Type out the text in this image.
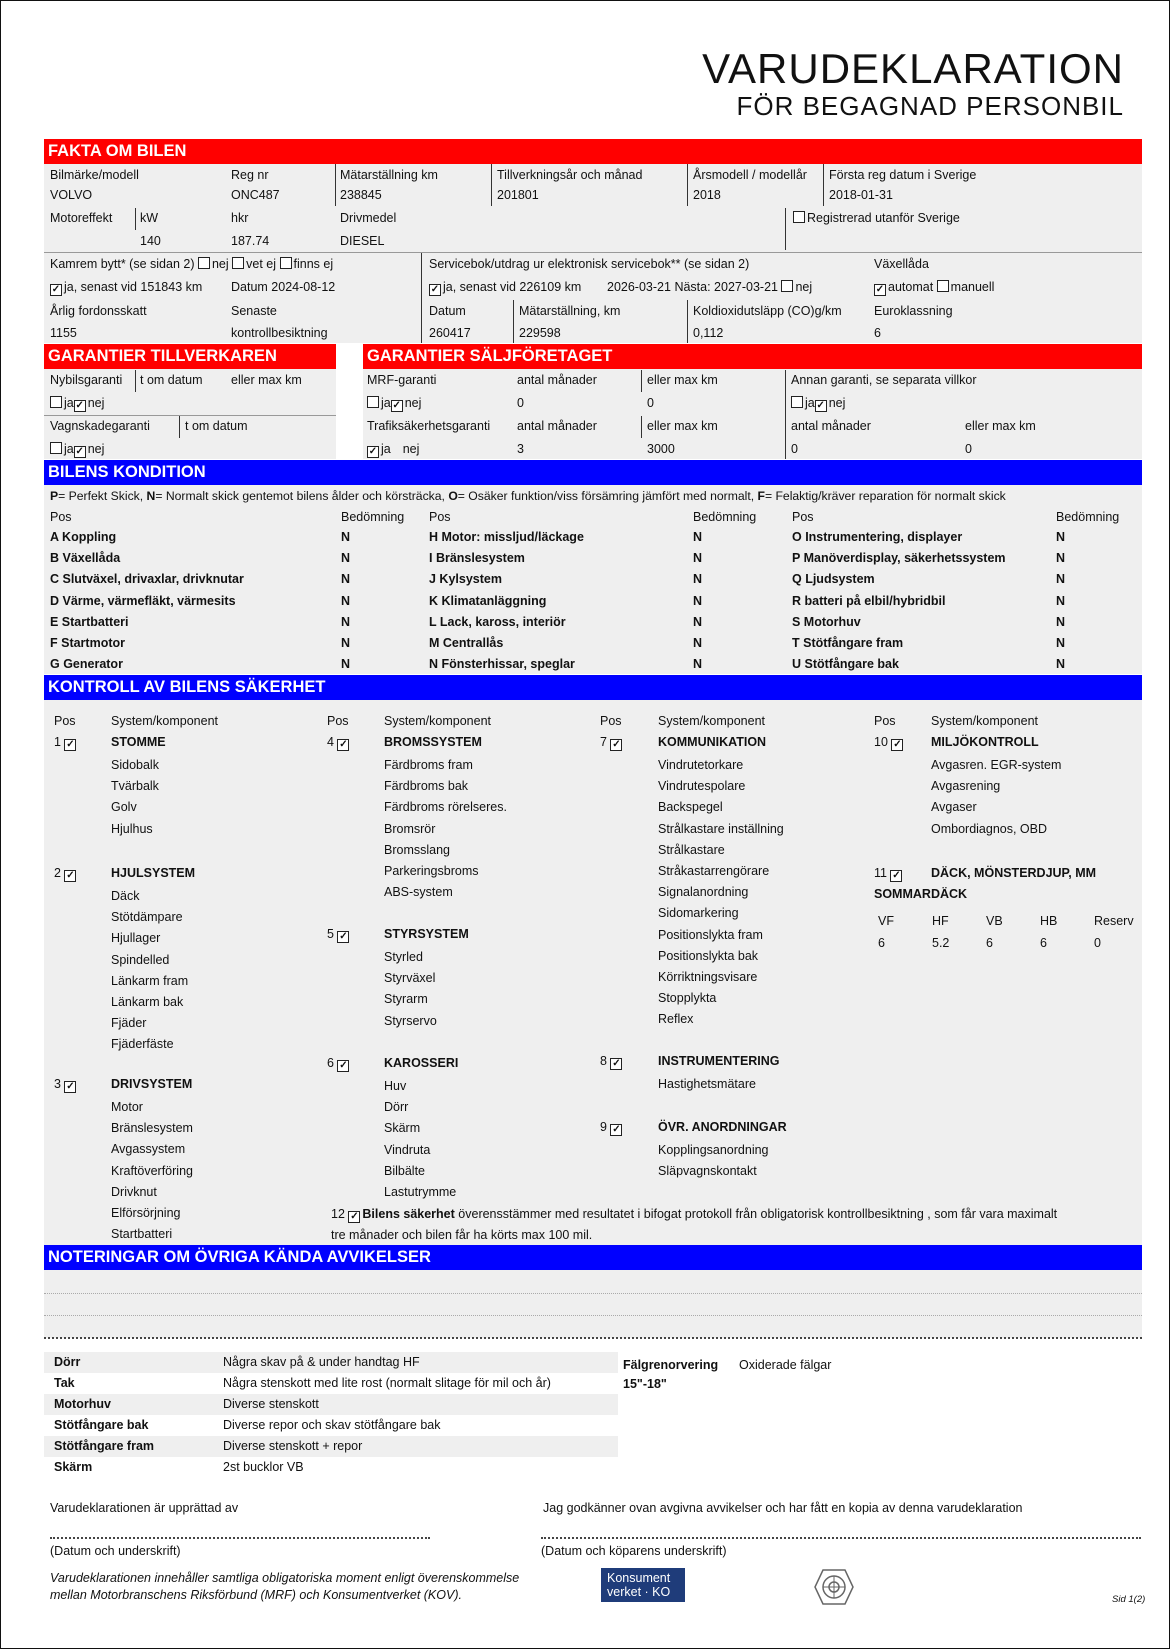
VARUDEKLARATION
FÖR BEGAGNAD PERSONBIL
FAKTA OM BILEN
Bilmärke/modell
VOLVO
Reg nr
ONC487
Mätarställning km
238845
Tillverkningsår och månad
201801
Årsmodell / modellår
2018
Första reg datum i Sverige
2018-01-31
Motoreffekt kW
140
hkr
187.74
Drivmedel
DIESEL
Registrerad utanför Sverige
Kamrem bytt* (se sidan 2) nej vet ej finns ej
✓ ja, senast vid 151843 km Datum 2024-08-12
Servicebok/utdrag ur elektronisk servicebok** (se sidan 2)
✓ ja, senast vid 226109 km 2026-03-21 Nästa: 2027-03-21 nej
Växellåda
✓ automat manuell
Årlig fordonsskatt
1155
Senaste
kontrollbesiktning
Datum
260417
Mätarställning, km
229598
Koldioxidutsläpp (CO)g/km
0,112
Euroklassning
6
GARANTIER TILLVERKAREN	GARANTIER SÄLJFÖRETAGET
Nybilsgaranti t om datum eller max km
ja ✓ nej
Vagnskadegaranti	t om datum
ja ✓ nej
MRF-garanti	antal månader	eller max km
ja ✓ nej	0	0
Trafiksäkerhetsgaranti antal månader	eller max km
✓ ja nej	3	3000
Annan garanti, se separata villkor
ja ✓ nej
antal månader	eller max km
0	0
BILENS KONDITION
P= Perfekt Skick, N= Normalt skick gentemot bilens ålder och körsträcka, O= Osäker funktion/viss försämring jämfört med normalt, F= Felaktig/kräver reparation för normalt skick
Pos	Bedömning Pos	Bedömning	Pos	Bedömning
A Koppling	N
B Växellåda	N
C Slutväxel, drivaxlar, drivknutar	N
D Värme, värmefläkt, värmesits	N
E Startbatteri	N
F Startmotor	N
G Generator	N
H Motor: missljud/läckage	N
I Bränslesystem	N
J Kylsystem	N
K Klimatanläggning	N
L Lack, kaross, interiör	N
M Centrallås	N
N Fönsterhissar, speglar	N
O Instrumentering, displayer	N
P Manöverdisplay, säkerhetssystem	N
Q Ljudsystem	N
R batteri på elbil/hybridbil	N
S Motorhuv	N
T Stötfångare fram	N
U Stötfångare bak	N
KONTROLL AV BILENS SÄKERHET
Pos	System/komponent	Pos	System/komponent	Pos	System/komponent	Pos	System/komponent
1 ✓	STOMME
Sidobalk
Tvärbalk
Golv
Hjulhus
2 ✓	HJULSYSTEM
Däck
Stötdämpare
Hjullager
Spindelled
Länkarm fram
Länkarm bak
Fjäder
Fjäderfäste
3 ✓	DRIVSYSTEM
Motor
Bränslesystem
Avgassystem
Kraftöverföring
Drivknut
Elförsörjning
Startbatteri
4 ✓	BROMSSYSTEM
Färdbroms fram
Färdbroms bak
Färdbroms rörelseres.
Bromsrör
Bromsslang
Parkeringsbroms
ABS-system
5 ✓	STYRSYSTEM
Styrled
Styrväxel
Styrarm
Styrservo
6 ✓	KAROSSERI
Huv
Dörr
Skärm
Vindruta
Bilbälte
Lastutrymme
7 ✓	KOMMUNIKATION
Vindrutetorkare
Vindrutespolare
Backspegel
Strålkastare inställning
Strålkastare
Stråkastarrengörare
Signalanordning
Sidomarkering
Positionslykta fram
Positionslykta bak
Körriktningsvisare
Stopplykta
Reflex
8 ✓	INSTRUMENTERING
Hastighetsmätare
9 ✓	ÖVR. ANORDNINGAR
Kopplingsanordning
Släpvagnskontakt
10 ✓	MILJÖKONTROLL
Avgasren. EGR-system
Avgasrening
Avgaser
Ombordiagnos, OBD
11 ✓	DÄCK, MÖNSTERDJUP, MM
SOMMARDÄCK
VF
6
HF
5.2
VB
6
HB
6
Reserv
0
12 ✓ Bilens säkerhet överensstämmer med resultatet i bifogat protokoll från obligatorisk kontrollbesiktning , som får vara maximalt
tre månader och bilen får ha körts max 100 mil.
NOTERINGAR OM ÖVRIGA KÄNDA AVVIKELSER
Dörr	Några skav på & under handtag HF
Tak	Några stenskott med lite rost (normalt slitage för mil och år)
Motorhuv	Diverse stenskott
Stötfångare bak	Diverse repor och skav stötfångare bak
Stötfångare fram	Diverse stenskott + repor
Skärm	2st bucklor VB
Fälgrenorvering Oxiderade fälgar
15"-18"
Varudeklarationen är upprättad av	Jag godkänner ovan avgivna avvikelser och har fått en kopia av denna varudeklaration
(Datum och underskrift)	(Datum och köparens underskrift)
Varudeklarationen innehåller samtliga obligatoriska moment enligt överenskommelse
mellan Motorbranschens Riksförbund (MRF) och Konsumentverket (KOV).
Konsument
verket · KO
Sid 1(2)
